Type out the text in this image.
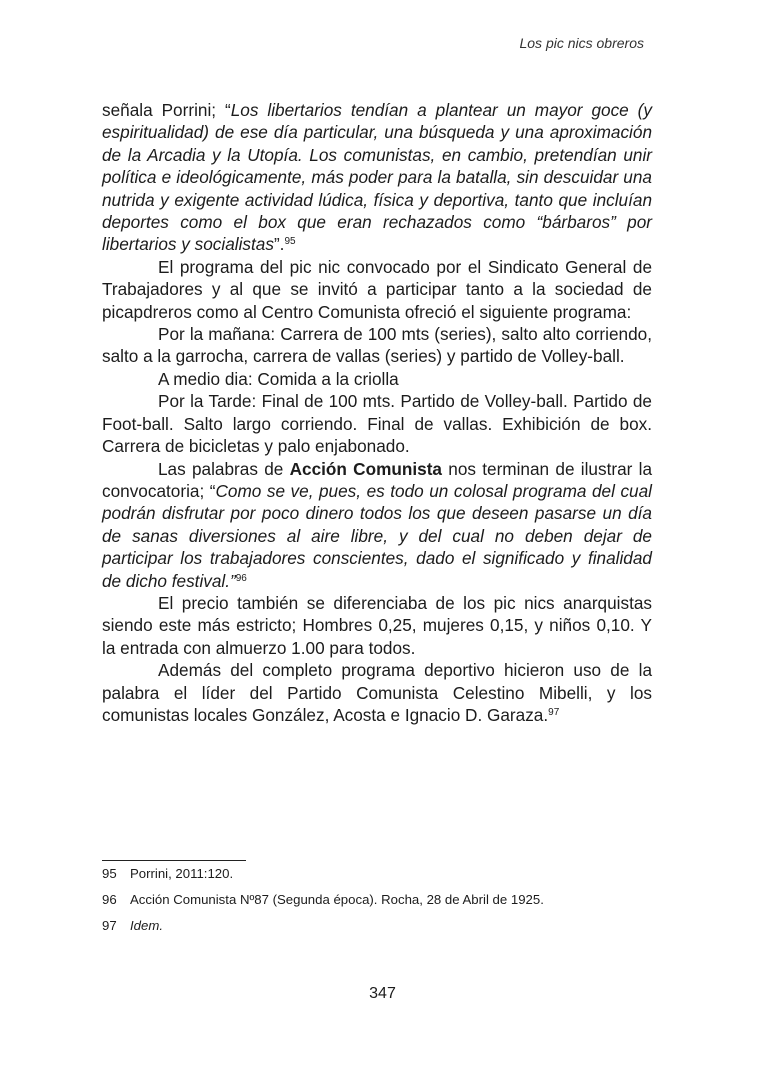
Los pic nics obreros

señala Porrini; “Los libertarios tendían a plantear un mayor goce (y espiritualidad) de ese día particular, una búsqueda y una aproximación de la Arcadia y la Utopía. Los comunistas, en cambio, pretendían unir política e ideológicamente, más poder para la batalla, sin descuidar una nutrida y exigente actividad lúdica, física y deportiva, tanto que incluían deportes como el box que eran rechazados como “bárbaros” por libertarios y socialistas”.$^{95}$

El programa del pic nic convocado por el Sindicato General de Trabajadores y al que se invitó a participar tanto a la sociedad de picapdreros como al Centro Comunista ofreció el siguiente programa:

Por la mañana: Carrera de 100 mts (series), salto alto corriendo, salto a la garrocha, carrera de vallas (series) y partido de Volley-ball.

A medio dia: Comida a la criolla

Por la Tarde: Final de 100 mts. Partido de Volley-ball. Partido de Foot-ball. Salto largo corriendo. Final de vallas. Exhibición de box. Carrera de bicicletas y palo enjabonado.

Las palabras de Acción Comunista nos terminan de ilustrar la convocatoria; “Como se ve, pues, es todo un colosal programa del cual podrán disfrutar por poco dinero todos los que deseen pasarse un día de sanas diversiones al aire libre, y del cual no deben dejar de participar los trabajadores conscientes, dado el significado y finalidad de dicho festival.”$^{96}$

El precio también se diferenciaba de los pic nics anarquistas siendo este más estricto; Hombres 0,25, mujeres 0,15, y niños 0,10. Y la entrada con almuerzo 1.00 para todos.

Además del completo programa deportivo hicieron uso de la palabra el líder del Partido Comunista Celestino Mibelli, y los comunistas locales González, Acosta e Ignacio D. Garaza.$^{97}$

95	Porrini, 2011:120.
96	Acción Comunista Nº87 (Segunda época). Rocha, 28 de Abril de 1925.
97	Idem.

347
